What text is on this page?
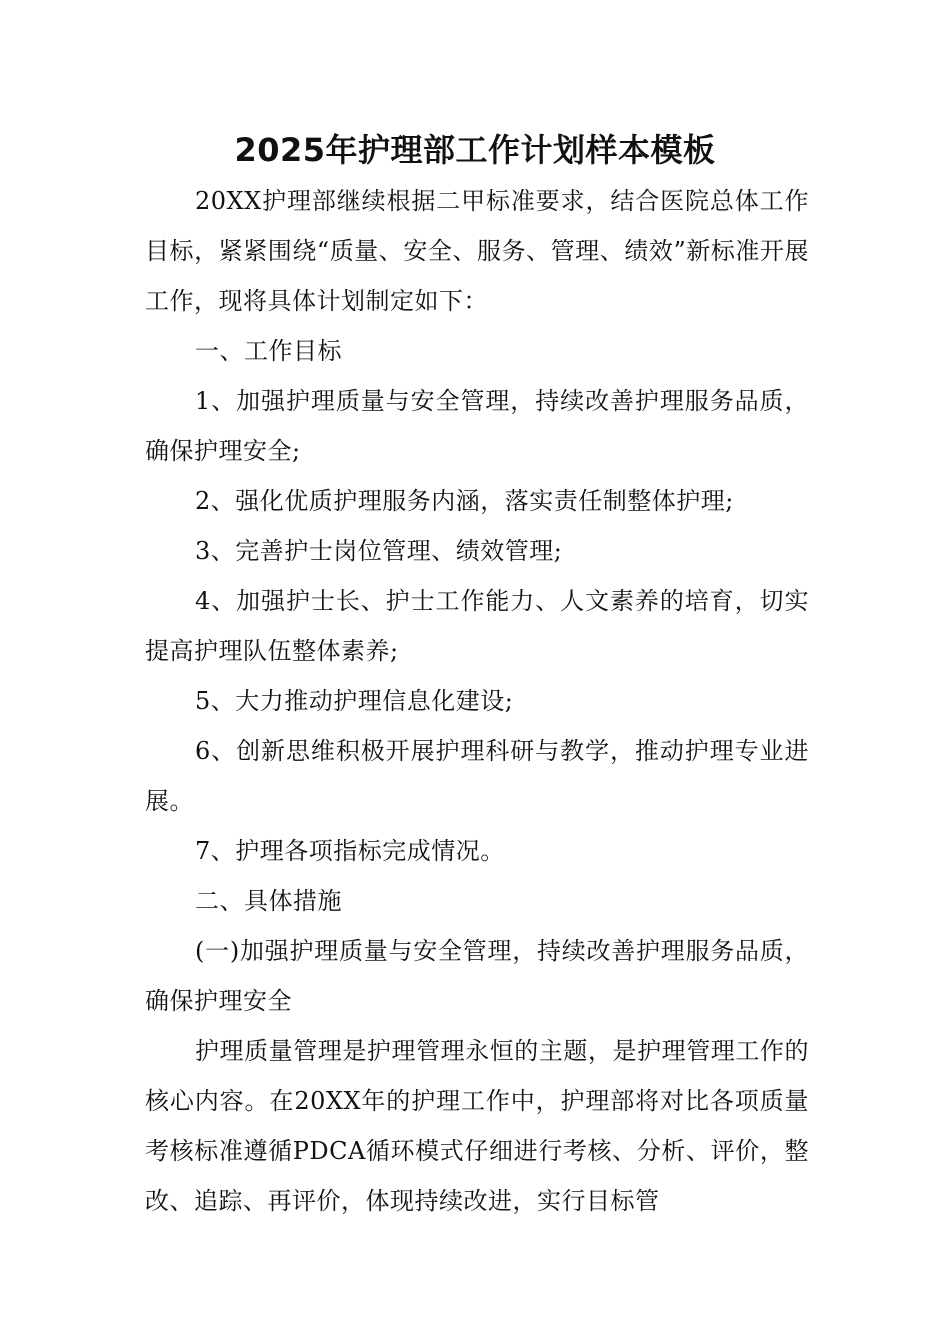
2025年护理部工作计划样本模板

20XX护理部继续根据二甲标准要求，结合医院总体工作目标，紧紧围绕“质量、安全、服务、管理、绩效”新标准开展工作，现将具体计划制定如下：

一、工作目标

1、加强护理质量与安全管理，持续改善护理服务品质，确保护理安全;

2、强化优质护理服务内涵，落实责任制整体护理;

3、完善护士岗位管理、绩效管理;

4、加强护士长、护士工作能力、人文素养的培育，切实提高护理队伍整体素养;

5、大力推动护理信息化建设;

6、创新思维积极开展护理科研与教学，推动护理专业进展。

7、护理各项指标完成情况。

二、具体措施

(一)加强护理质量与安全管理，持续改善护理服务品质，确保护理安全

护理质量管理是护理管理永恒的主题，是护理管理工作的核心内容。在20XX年的护理工作中，护理部将对比各项质量考核标准遵循PDCA循环模式仔细进行考核、分析、评价，整改、追踪、再评价，体现持续改进，实行目标管
